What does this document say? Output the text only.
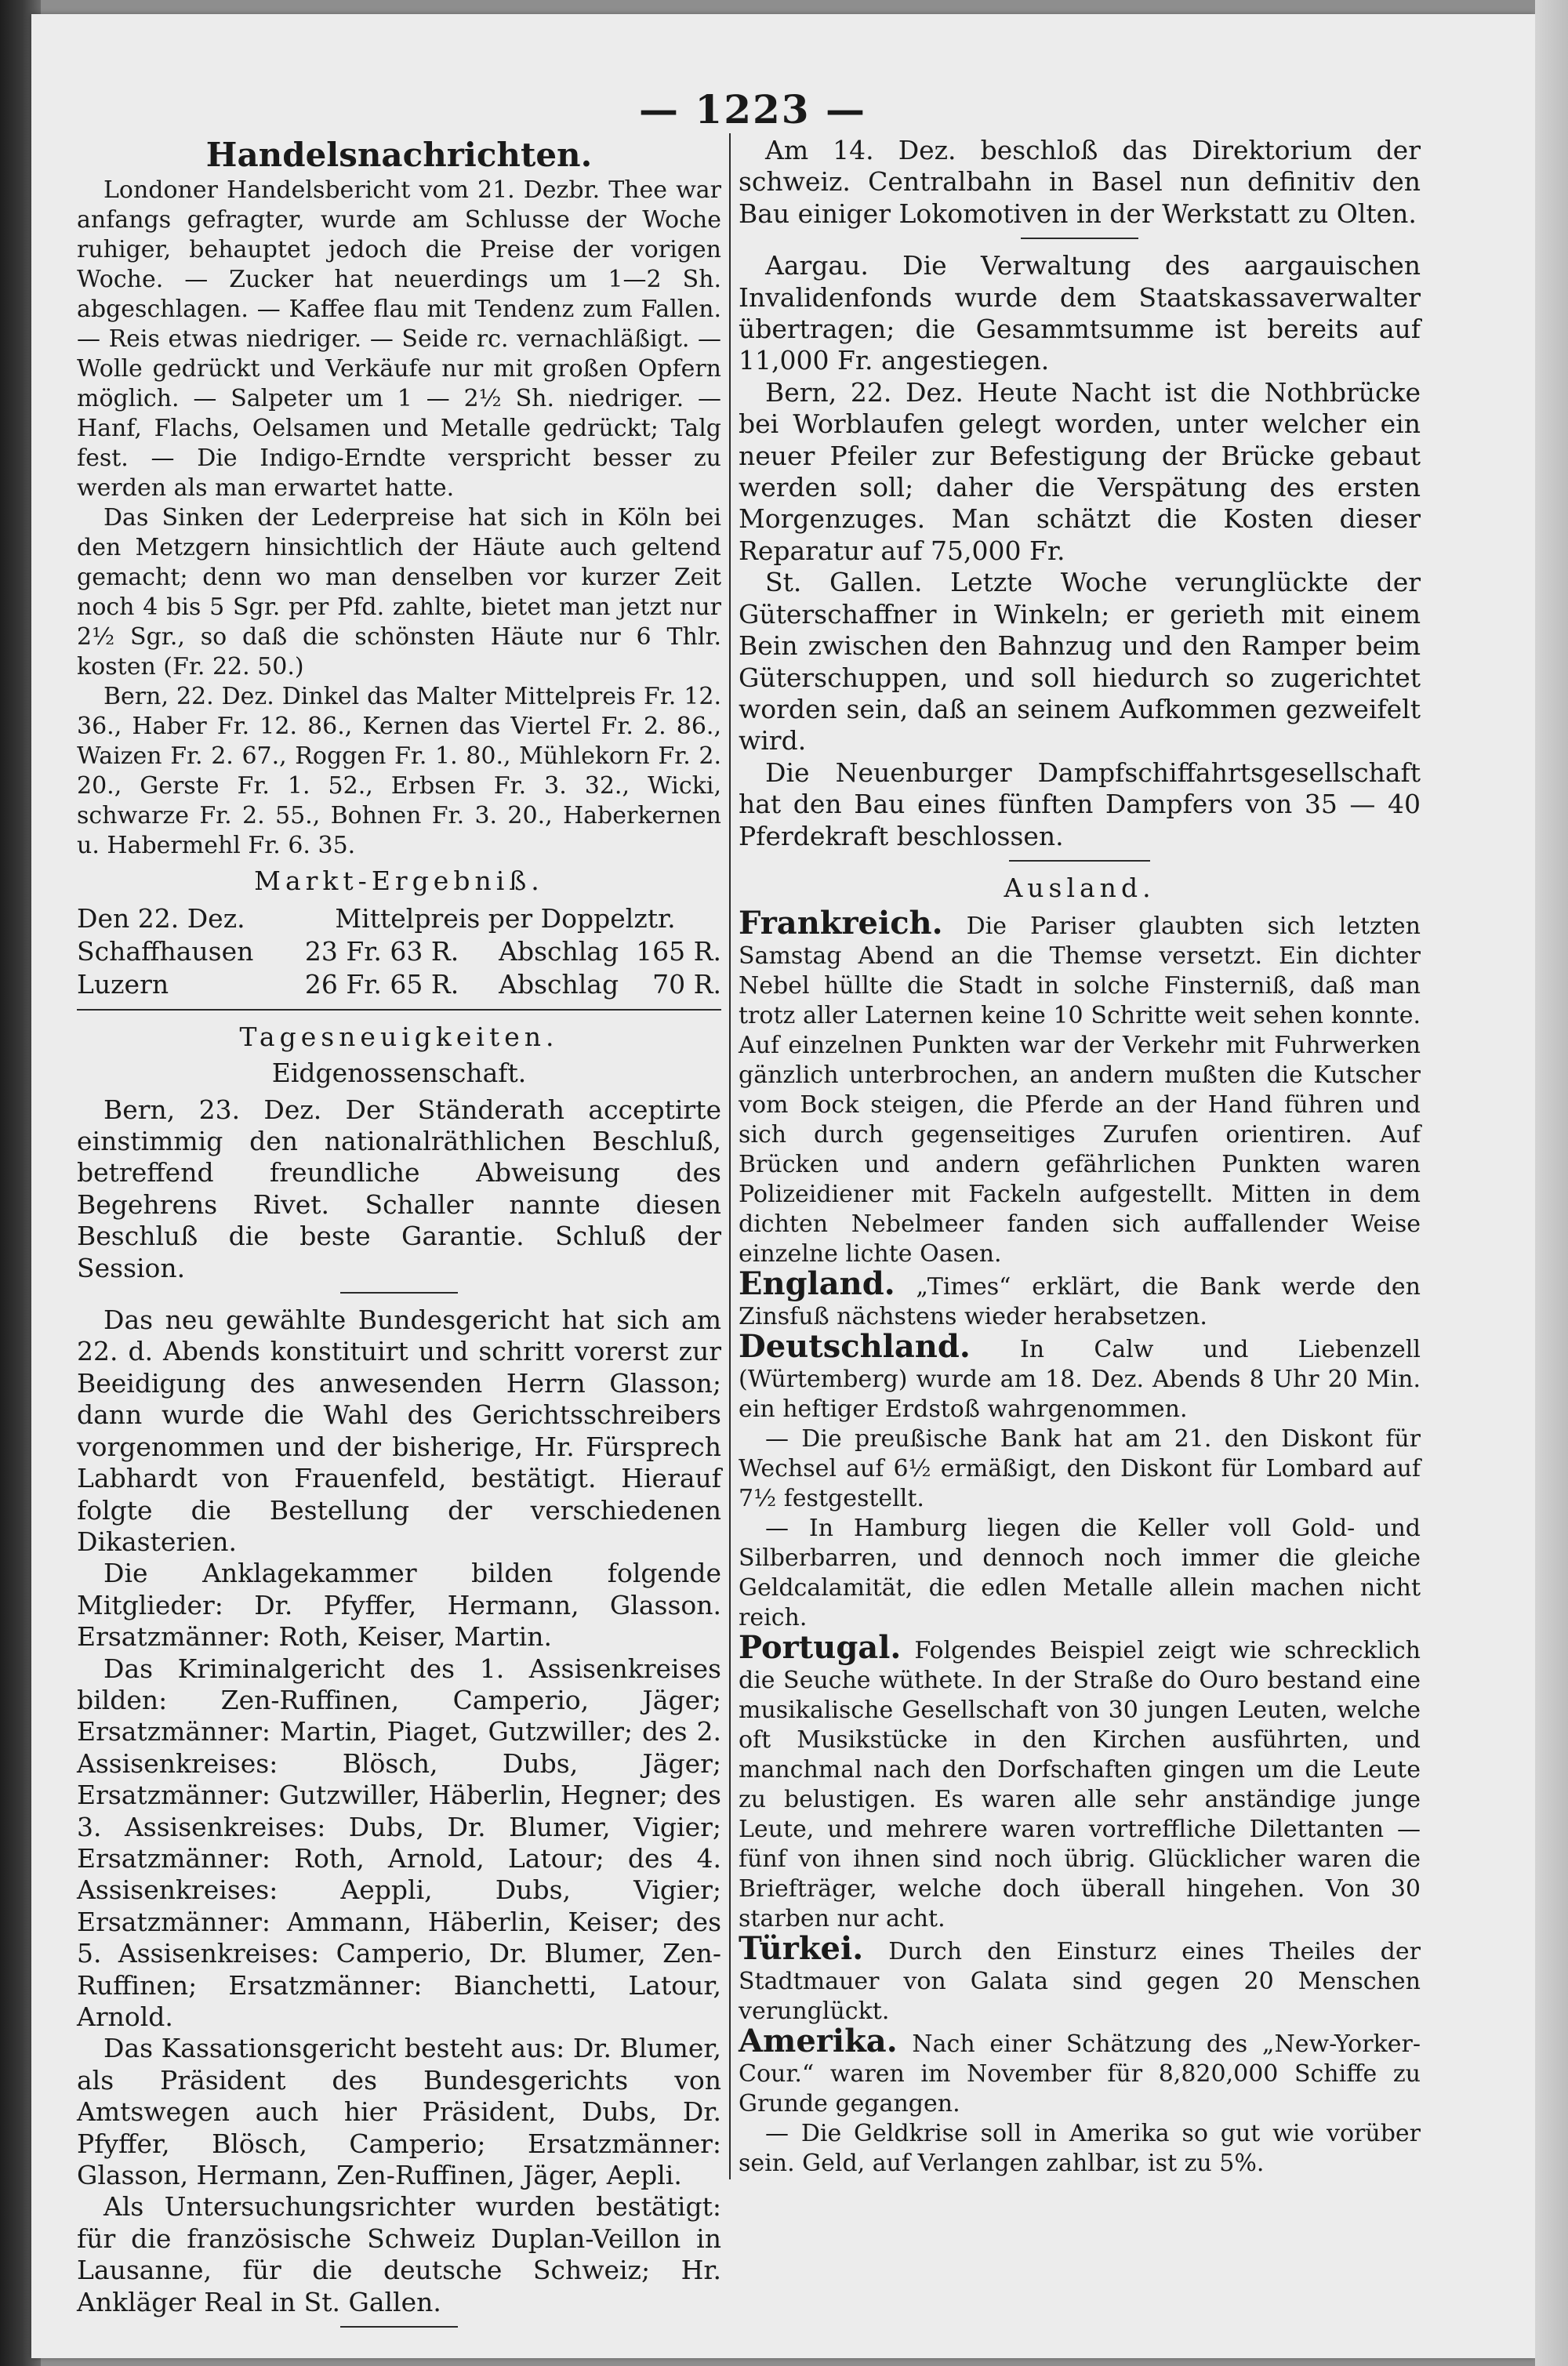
— 1223 —
Handelsnachrichten.

Londoner Handelsbericht vom 21. Dezbr. Thee war anfangs gefragter, wurde am Schlusse der Woche ruhiger, behauptet jedoch die Preise der vorigen Woche. — Zucker hat neuerdings um 1—2 Sh. abgeschlagen. — Kaffee flau mit Tendenz zum Fallen. — Reis etwas niedriger. — Seide rc. vernachläßigt. — Wolle gedrückt und Verkäufe nur mit großen Opfern möglich. — Salpeter um 1 — 2½ Sh. niedriger. — Hanf, Flachs, Oelsamen und Metalle gedrückt; Talg fest. — Die Indigo-Erndte verspricht besser zu werden als man erwartet hatte.

Das Sinken der Lederpreise hat sich in Köln bei den Metzgern hinsichtlich der Häute auch geltend gemacht; denn wo man denselben vor kurzer Zeit noch 4 bis 5 Sgr. per Pfd. zahlte, bietet man jetzt nur 2½ Sgr., so daß die schönsten Häute nur 6 Thlr. kosten (Fr. 22. 50.)

Bern, 22. Dez. Dinkel das Malter Mittelpreis Fr. 12. 36., Haber Fr. 12. 86., Kernen das Viertel Fr. 2. 86., Waizen Fr. 2. 67., Roggen Fr. 1. 80., Mühlekorn Fr. 2. 20., Gerste Fr. 1. 52., Erbsen Fr. 3. 32., Wicki, schwarze Fr. 2. 55., Bohnen Fr. 3. 20., Haberkernen u. Habermehl Fr. 6. 35.

Markt-Ergebniß.
Den 22. Dez.	Mittelpreis per Doppelztr.		
Schaffhausen	23 Fr. 63 R.	Abschlag	165 R.
Luzern	26 Fr. 65 R.	Abschlag	70 R.
Tagesneuigkeiten.
Eidgenossenschaft.

Bern, 23. Dez. Der Ständerath acceptirte einstimmig den nationalräthlichen Beschluß, betreffend freundliche Abweisung des Begehrens Rivet. Schaller nannte diesen Beschluß die beste Garantie. Schluß der Session.

Das neu gewählte Bundesgericht hat sich am 22. d. Abends konstituirt und schritt vorerst zur Beeidigung des anwesenden Herrn Glasson; dann wurde die Wahl des Gerichtsschreibers vorgenommen und der bisherige, Hr. Fürsprech Labhardt von Frauenfeld, bestätigt. Hierauf folgte die Bestellung der verschiedenen Dikasterien.

Die Anklagekammer bilden folgende Mitglieder: Dr. Pfyffer, Hermann, Glasson. Ersatzmänner: Roth, Keiser, Martin.

Das Kriminalgericht des 1. Assisenkreises bilden: Zen-Ruffinen, Camperio, Jäger; Ersatzmänner: Martin, Piaget, Gutzwiller; des 2. Assisenkreises: Blösch, Dubs, Jäger; Ersatzmänner: Gutzwiller, Häberlin, Hegner; des 3. Assisenkreises: Dubs, Dr. Blumer, Vigier; Ersatzmänner: Roth, Arnold, Latour; des 4. Assisenkreises: Aeppli, Dubs, Vigier; Ersatzmänner: Ammann, Häberlin, Keiser; des 5. Assisenkreises: Camperio, Dr. Blumer, Zen-Ruffinen; Ersatzmänner: Bianchetti, Latour, Arnold.

Das Kassationsgericht besteht aus: Dr. Blumer, als Präsident des Bundesgerichts von Amtswegen auch hier Präsident, Dubs, Dr. Pfyffer, Blösch, Camperio; Ersatzmänner: Glasson, Hermann, Zen-Ruffinen, Jäger, Aepli.

Als Untersuchungsrichter wurden bestätigt: für die französische Schweiz Duplan-Veillon in Lausanne, für die deutsche Schweiz; Hr. Ankläger Real in St. Gallen.

Am 14. Dez. beschloß das Direktorium der schweiz. Centralbahn in Basel nun definitiv den Bau einiger Lokomotiven in der Werkstatt zu Olten.

Aargau. Die Verwaltung des aargauischen Invalidenfonds wurde dem Staatskassaverwalter übertragen; die Gesammtsumme ist bereits auf 11,000 Fr. angestiegen.

Bern, 22. Dez. Heute Nacht ist die Nothbrücke bei Worblaufen gelegt worden, unter welcher ein neuer Pfeiler zur Befestigung der Brücke gebaut werden soll; daher die Verspätung des ersten Morgenzuges. Man schätzt die Kosten dieser Reparatur auf 75,000 Fr.

St. Gallen. Letzte Woche verunglückte der Güterschaffner in Winkeln; er gerieth mit einem Bein zwischen den Bahnzug und den Ramper beim Güterschuppen, und soll hiedurch so zugerichtet worden sein, daß an seinem Aufkommen gezweifelt wird.

Die Neuenburger Dampfschiffahrtsgesellschaft hat den Bau eines fünften Dampfers von 35 — 40 Pferdekraft beschlossen.

Ausland.

Frankreich. Die Pariser glaubten sich letzten Samstag Abend an die Themse versetzt. Ein dichter Nebel hüllte die Stadt in solche Finsterniß, daß man trotz aller Laternen keine 10 Schritte weit sehen konnte. Auf einzelnen Punkten war der Verkehr mit Fuhrwerken gänzlich unterbrochen, an andern mußten die Kutscher vom Bock steigen, die Pferde an der Hand führen und sich durch gegenseitiges Zurufen orientiren. Auf Brücken und andern gefährlichen Punkten waren Polizeidiener mit Fackeln aufgestellt. Mitten in dem dichten Nebelmeer fanden sich auffallender Weise einzelne lichte Oasen.

England. „Times“ erklärt, die Bank werde den Zinsfuß nächstens wieder herabsetzen.

Deutschland. In Calw und Liebenzell (Würtemberg) wurde am 18. Dez. Abends 8 Uhr 20 Min. ein heftiger Erdstoß wahrgenommen.

— Die preußische Bank hat am 21. den Diskont für Wechsel auf 6½ ermäßigt, den Diskont für Lombard auf 7½ festgestellt.

— In Hamburg liegen die Keller voll Gold- und Silberbarren, und dennoch noch immer die gleiche Geldcalamität, die edlen Metalle allein machen nicht reich.

Portugal. Folgendes Beispiel zeigt wie schrecklich die Seuche wüthete. In der Straße do Ouro bestand eine musikalische Gesellschaft von 30 jungen Leuten, welche oft Musikstücke in den Kirchen ausführten, und manchmal nach den Dorfschaften gingen um die Leute zu belustigen. Es waren alle sehr anständige junge Leute, und mehrere waren vortreffliche Dilettanten — fünf von ihnen sind noch übrig. Glücklicher waren die Briefträger, welche doch überall hingehen. Von 30 starben nur acht.

Türkei. Durch den Einsturz eines Theiles der Stadtmauer von Galata sind gegen 20 Menschen verunglückt.

Amerika. Nach einer Schätzung des „New-Yorker-Cour.“ waren im November für 8,820,000 Schiffe zu Grunde gegangen.

— Die Geldkrise soll in Amerika so gut wie vorüber sein. Geld, auf Verlangen zahlbar, ist zu 5%.
